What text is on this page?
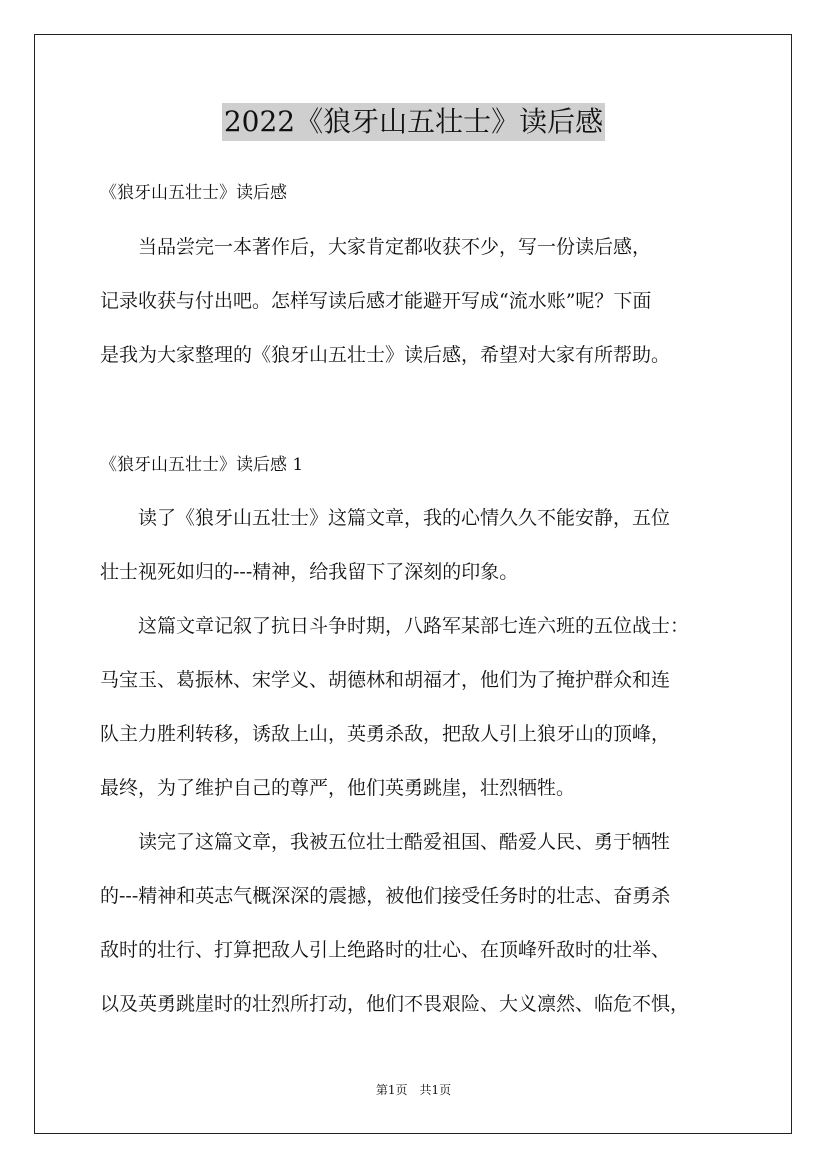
2022《狼牙山五壮士》读后感
《狼牙山五壮士》读后感
　　当品尝完一本著作后，大家肯定都收获不少，写一份读后感，
记录收获与付出吧。怎样写读后感才能避开写成“流水账”呢？下面
是我为大家整理的《狼牙山五壮士》读后感，希望对大家有所帮助。
《狼牙山五壮士》读后感 1
　　读了《狼牙山五壮士》这篇文章，我的心情久久不能安静，五位
壮士视死如归的---精神，给我留下了深刻的印象。
　　这篇文章记叙了抗日斗争时期，八路军某部七连六班的五位战士：
马宝玉、葛振林、宋学义、胡德林和胡福才，他们为了掩护群众和连
队主力胜利转移，诱敌上山，英勇杀敌，把敌人引上狼牙山的顶峰，
最终，为了维护自己的尊严，他们英勇跳崖，壮烈牺牲。
　　读完了这篇文章，我被五位壮士酷爱祖国、酷爱人民、勇于牺牲
的---精神和英志气概深深的震撼，被他们接受任务时的壮志、奋勇杀
敌时的壮行、打算把敌人引上绝路时的壮心、在顶峰歼敌时的壮举、
以及英勇跳崖时的壮烈所打动，他们不畏艰险、大义凛然、临危不惧，
第1页　共1页
